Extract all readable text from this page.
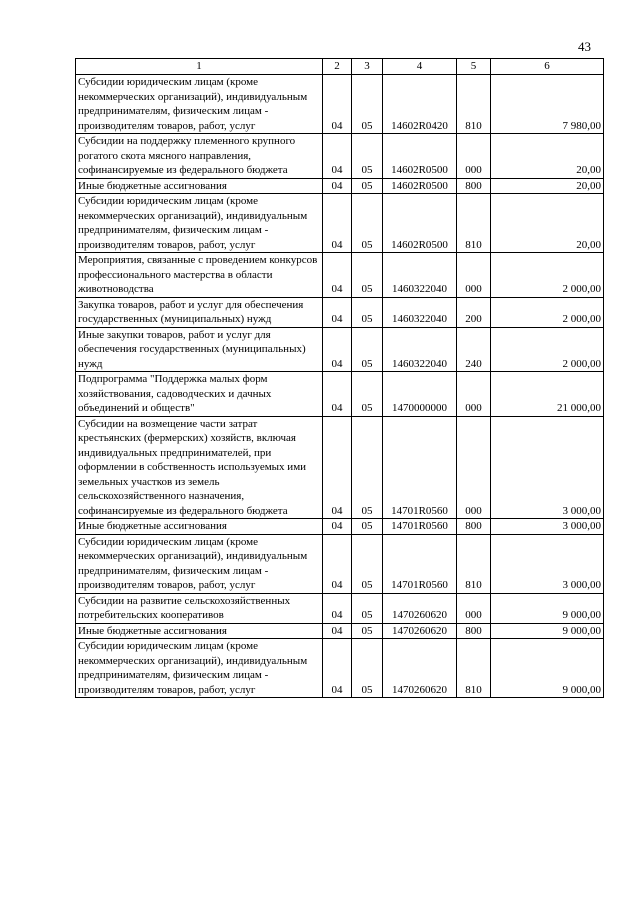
43
1	2	3	4	5	6
Субсидии юридическим лицам (кроме некоммерческих организаций), индивидуальным предпринимателям, физическим лицам - производителям товаров, работ, услуг	04	05	14602R0420	810	7 980,00
Субсидии на поддержку племенного крупного рогатого скота мясного направления, софинансируемые из федерального бюджета	04	05	14602R0500	000	20,00
Иные бюджетные ассигнования	04	05	14602R0500	800	20,00
Субсидии юридическим лицам (кроме некоммерческих организаций), индивидуальным предпринимателям, физическим лицам - производителям товаров, работ, услуг	04	05	14602R0500	810	20,00
Мероприятия, связанные с проведением конкурсов профессионального мастерства в области животноводства	04	05	1460322040	000	2 000,00
Закупка товаров, работ и услуг для обеспечения государственных (муниципальных) нужд	04	05	1460322040	200	2 000,00
Иные закупки товаров, работ и услуг для обеспечения государственных (муниципальных) нужд	04	05	1460322040	240	2 000,00
Подпрограмма "Поддержка малых форм хозяйствования, садоводческих и дачных объединений и обществ"	04	05	1470000000	000	21 000,00
Субсидии на возмещение части затрат крестьянских (фермерских) хозяйств, включая индивидуальных предпринимателей, при оформлении в собственность используемых ими земельных участков из земель сельскохозяйственного назначения, софинансируемые из федерального бюджета	04	05	14701R0560	000	3 000,00
Иные бюджетные ассигнования	04	05	14701R0560	800	3 000,00
Субсидии юридическим лицам (кроме некоммерческих организаций), индивидуальным предпринимателям, физическим лицам - производителям товаров, работ, услуг	04	05	14701R0560	810	3 000,00
Субсидии на развитие сельскохозяйственных потребительских кооперативов	04	05	1470260620	000	9 000,00
Иные бюджетные ассигнования	04	05	1470260620	800	9 000,00
Субсидии юридическим лицам (кроме некоммерческих организаций), индивидуальным предпринимателям, физическим лицам - производителям товаров, работ, услуг	04	05	1470260620	810	9 000,00
